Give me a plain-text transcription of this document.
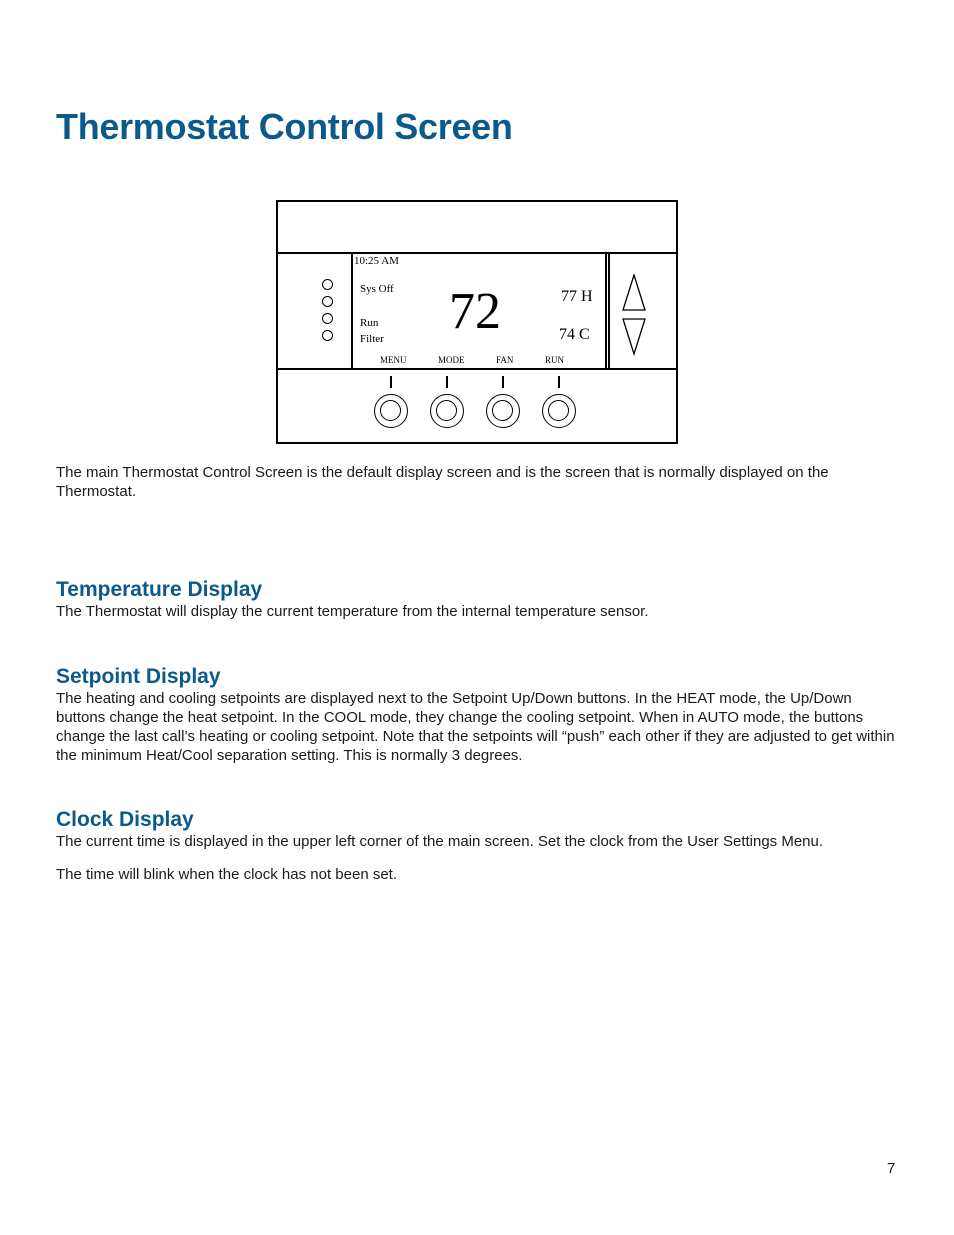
Thermostat Control Screen
10:25 AM
Sys Off
Run
Filter 72	77 H
74 C
MENU	MODE	FAN	RUN

The main Thermostat Control Screen is the default display screen and is the screen that is normally displayed on the Thermostat.

Temperature Display

The Thermostat will display the current temperature from the internal temperature sensor.

Setpoint Display

The heating and cooling setpoints are displayed next to the Setpoint Up/Down buttons. In the HEAT mode, the Up/Down buttons change the heat setpoint. In the COOL mode, they change the cooling setpoint. When in AUTO mode, the buttons change the last call’s heating or cooling setpoint. Note that the setpoints will “push” each other if they are adjusted to get within the minimum Heat/Cool separation setting. This is normally 3 degrees.

Clock Display

The current time is displayed in the upper left corner of the main screen. Set the clock from the User Settings Menu.

The time will blink when the clock has not been set.

7
